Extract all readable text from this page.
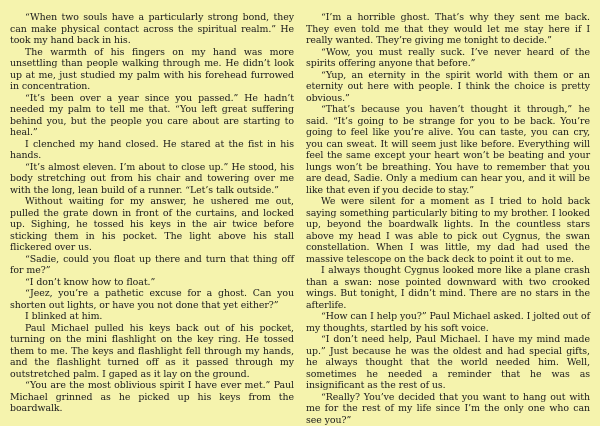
“When two souls have a particularly strong bond, they can make physical contact across the spiritual realm.” He took my hand back in his.

The warmth of his fingers on my hand was more unsettling than people walking through me. He didn’t look up at me, just studied my palm with his forehead furrowed in concentration.

“It’s been over a year since you passed.” He hadn’t needed my palm to tell me that. “You left great suffering behind you, but the people you care about are starting to heal.”

I clenched my hand closed. He stared at the fist in his hands.

“It’s almost eleven. I’m about to close up.” He stood, his body stretching out from his chair and towering over me with the long, lean build of a runner. “Let’s talk outside.”

Without waiting for my answer, he ushered me out, pulled the grate down in front of the curtains, and locked up. Sighing, he tossed his keys in the air twice before sticking them in his pocket. The light above his stall flickered over us.

“Sadie, could you float up there and turn that thing off for me?”

“I don’t know how to float.”

“Jeez, you’re a pathetic excuse for a ghost. Can you shorten out lights, or have you not done that yet either?”

I blinked at him.

Paul Michael pulled his keys back out of his pocket, turning on the mini flashlight on the key ring. He tossed them to me. The keys and flashlight fell through my hands, and the flashlight turned off as it passed through my outstretched palm. I gaped as it lay on the ground.

“You are the most oblivious spirit I have ever met.” Paul Michael grinned as he picked up his keys from the boardwalk.

“I’m a horrible ghost. That’s why they sent me back. They even told me that they would let me stay here if I really wanted. They’re giving me tonight to decide.”

“Wow, you must really suck. I’ve never heard of the spirits offering anyone that before.”

“Yup, an eternity in the spirit world with them or an eternity out here with people. I think the choice is pretty obvious.”

“That’s because you haven’t thought it through,” he said. “It’s going to be strange for you to be back. You’re going to feel like you’re alive. You can taste, you can cry, you can sweat. It will seem just like before. Everything will feel the same except your heart won’t be beating and your lungs won’t be breathing. You have to remember that you are dead, Sadie. Only a medium can hear you, and it will be like that even if you decide to stay.”

We were silent for a moment as I tried to hold back saying something particularly biting to my brother. I looked up, beyond the boardwalk lights. In the countless stars above my head I was able to pick out Cygnus, the swan constellation. When I was little, my dad had used the massive telescope on the back deck to point it out to me.

I always thought Cygnus looked more like a plane crash than a swan: nose pointed downward with two crooked wings. But tonight, I didn’t mind. There are no stars in the afterlife.

“How can I help you?” Paul Michael asked. I jolted out of my thoughts, startled by his soft voice.

“I don’t need help, Paul Michael. I have my mind made up.” Just because he was the oldest and had special gifts, he always thought that the world needed him. Well, sometimes he needed a reminder that he was as insignificant as the rest of us.

“Really? You’ve decided that you want to hang out with me for the rest of my life since I’m the only one who can see you?”
